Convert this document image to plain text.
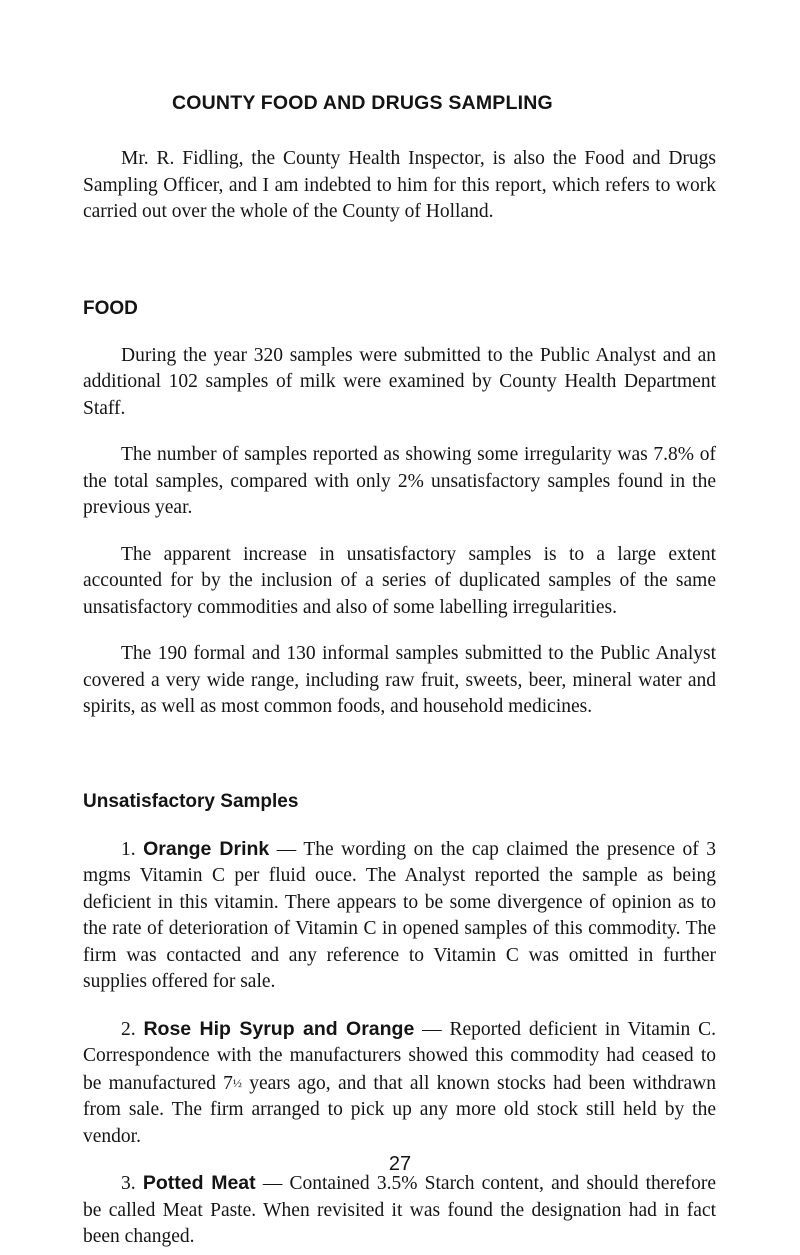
COUNTY FOOD AND DRUGS SAMPLING

Mr. R. Fidling, the County Health Inspector, is also the Food and Drugs Sampling Officer, and I am indebted to him for this report, which refers to work carried out over the whole of the County of Holland.

FOOD

During the year 320 samples were submitted to the Public Analyst and an additional 102 samples of milk were examined by County Health Department Staff.

The number of samples reported as showing some irregularity was 7.8% of the total samples, compared with only 2% unsatisfactory samples found in the previous year.

The apparent increase in unsatisfactory samples is to a large extent accounted for by the inclusion of a series of duplicated samples of the same unsatisfactory commodities and also of some labelling irregularities.

The 190 formal and 130 informal samples submitted to the Public Analyst covered a very wide range, including raw fruit, sweets, beer, mineral water and spirits, as well as most common foods, and household medicines.

Unsatisfactory Samples

1. Orange Drink — The wording on the cap claimed the presence of 3 mgms Vitamin C per fluid ouce. The Analyst reported the sample as being deficient in this vitamin. There appears to be some divergence of opinion as to the rate of deterioration of Vitamin C in opened samples of this commodity. The firm was contacted and any reference to Vitamin C was omitted in further supplies offered for sale.

2. Rose Hip Syrup and Orange — Reported deficient in Vitamin C. Correspondence with the manufacturers showed this commodity had ceased to be manufactured 7½ years ago, and that all known stocks had been withdrawn from sale. The firm arranged to pick up any more old stock still held by the vendor.

3. Potted Meat — Contained 3.5% Starch content, and should therefore be called Meat Paste. When revisited it was found the designation had in fact been changed.

27
